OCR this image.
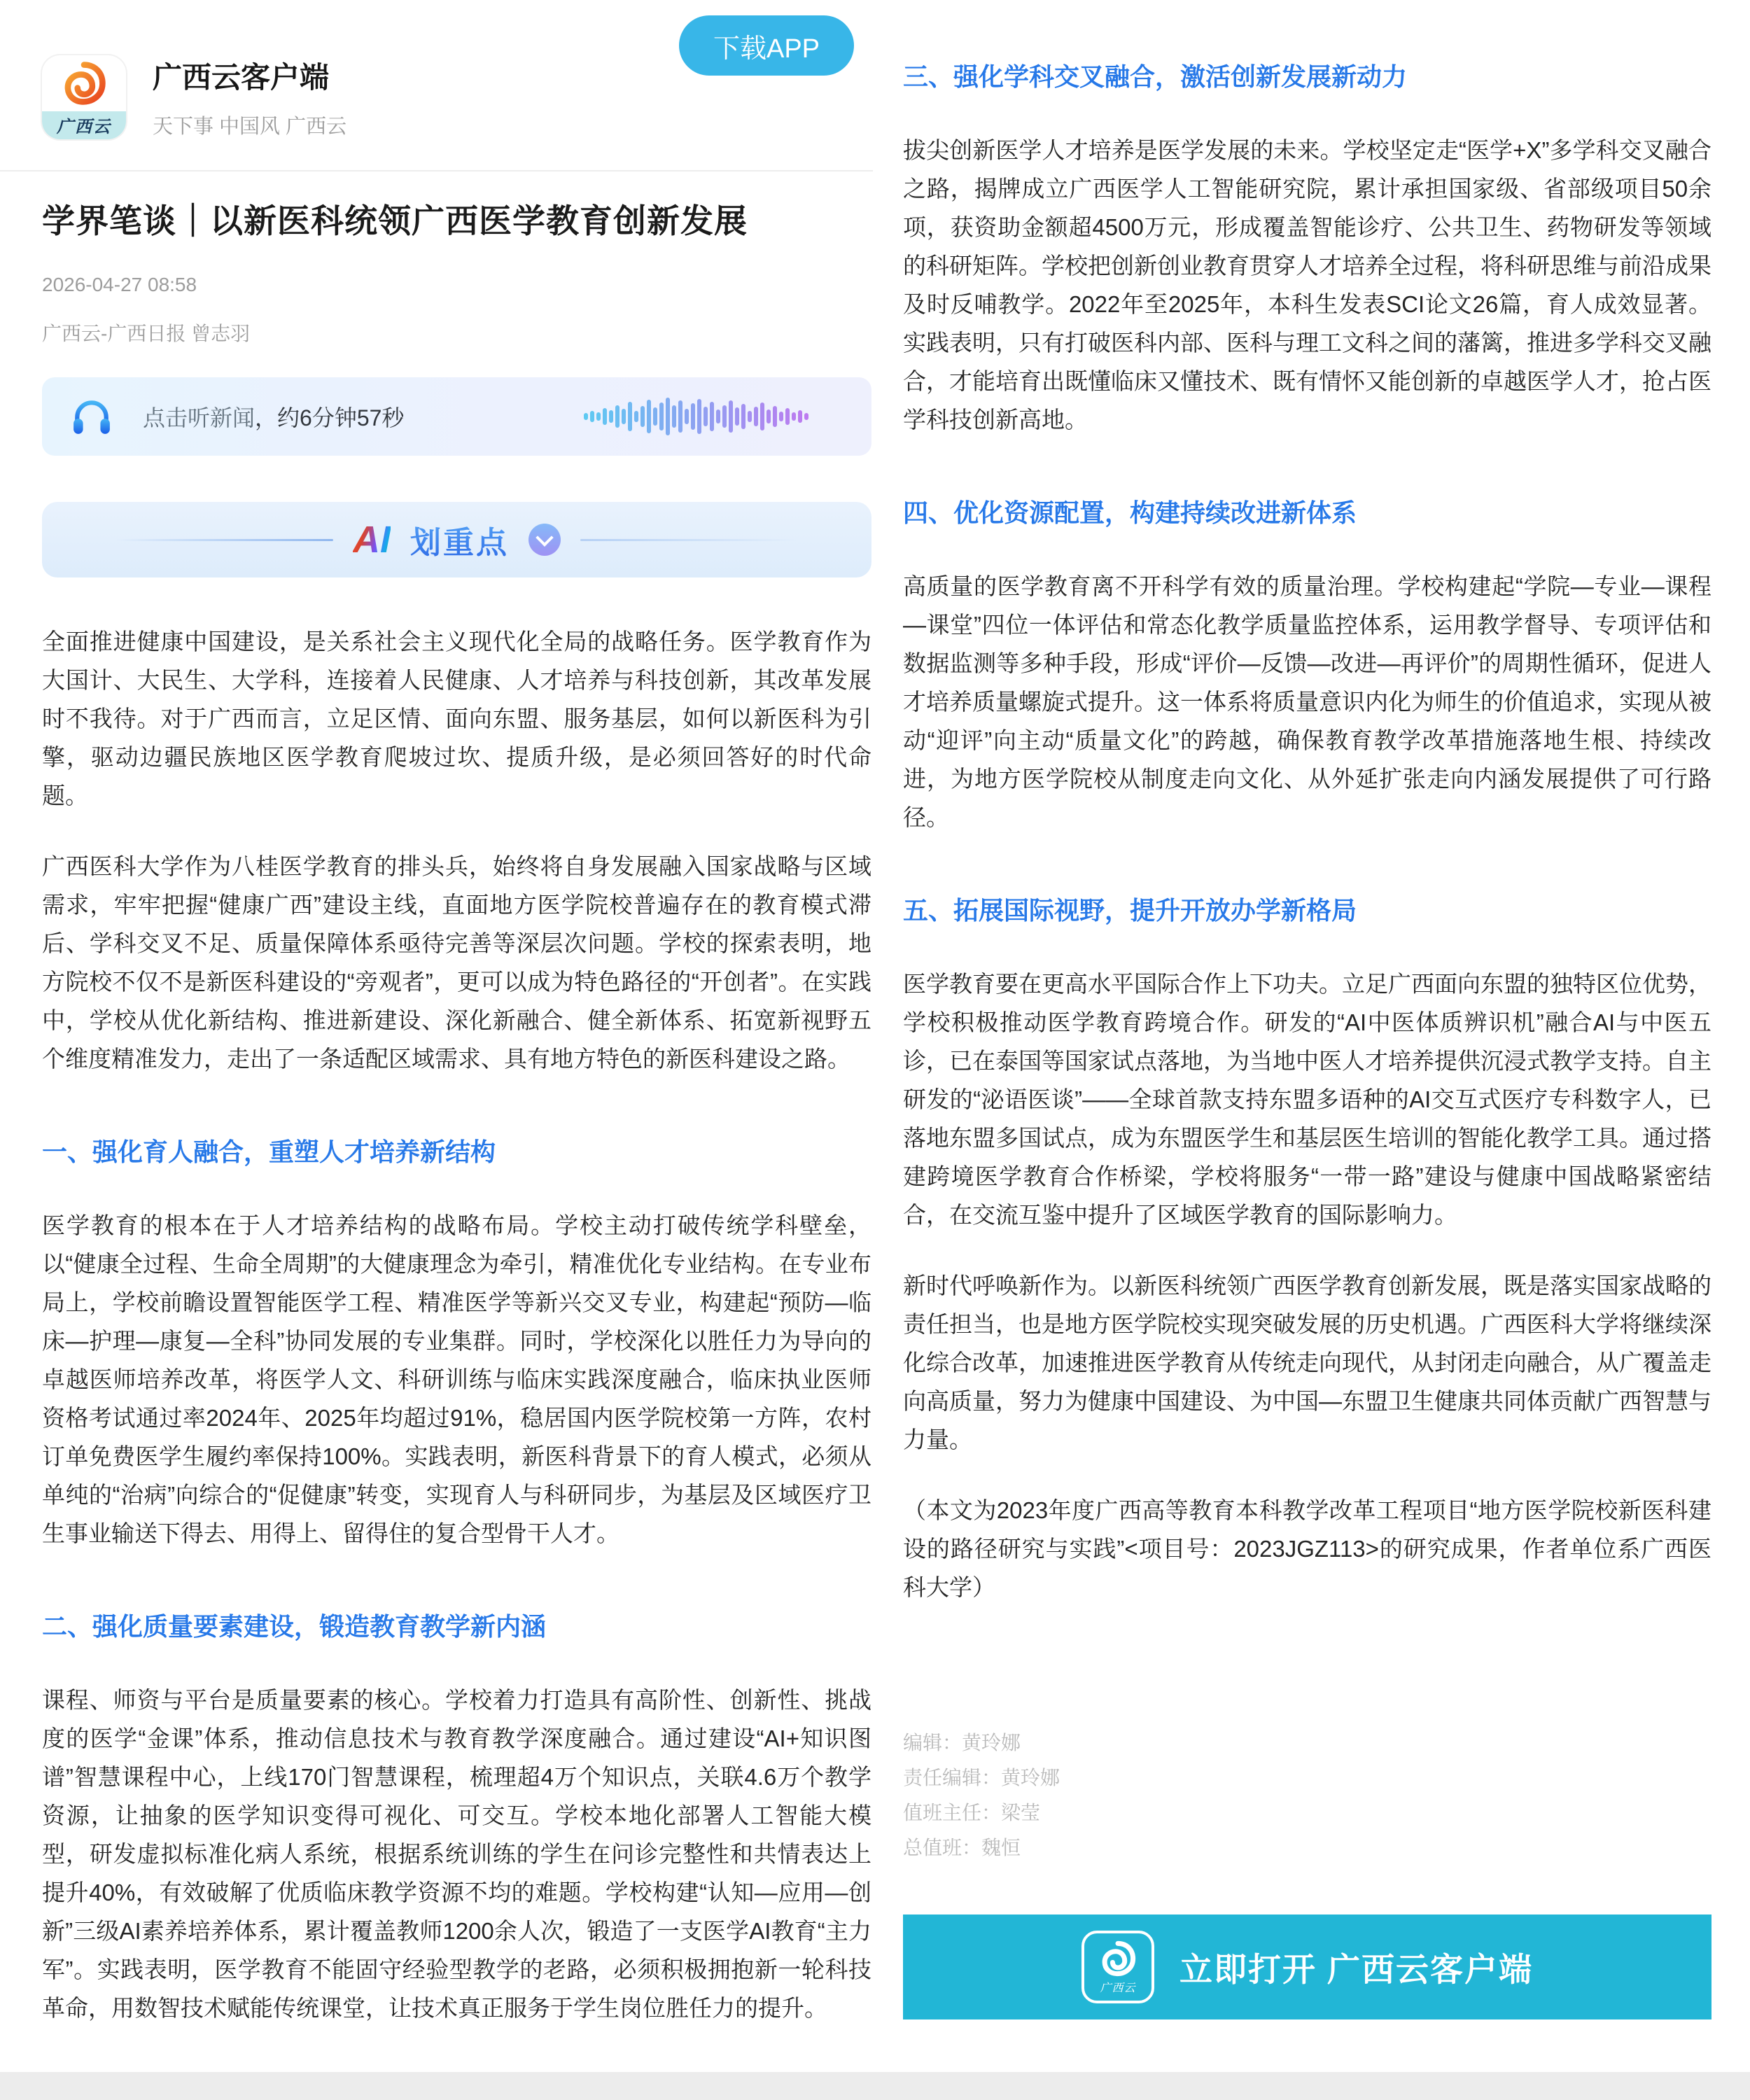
广西云
广西云客户端
天下事 中国风 广西云
下载APP
学界笔谈｜以新医科统领广西医学教育创新发展
2026-04-27 08:58
广西云-广西日报 曾志羽
点击听新闻 ，约6分钟57秒
AI 划重点

全面推进健康中国建设，是关系社会主义现代化全局的战略任务。医学教育作为大国计、大民生、大学科，连接着人民健康、人才培养与科技创新，其改革发展时不我待。对于广西而言，立足区情、面向东盟、服务基层，如何以新医科为引擎，驱动边疆民族地区医学教育爬坡过坎、提质升级，是必须回答好的时代命题。

广西医科大学作为八桂医学教育的排头兵，始终将自身发展融入国家战略与区域需求，牢牢把握“健康广西”建设主线，直面地方医学院校普遍存在的教育模式滞后、学科交叉不足、质量保障体系亟待完善等深层次问题。学校的探索表明，地方院校不仅不是新医科建设的“旁观者”，更可以成为特色路径的“开创者”。在实践中，学校从优化新结构、推进新建设、深化新融合、健全新体系、拓宽新视野五个维度精准发力，走出了一条适配区域需求、具有地方特色的新医科建设之路。

一、强化育人融合，重塑人才培养新结构

医学教育的根本在于人才培养结构的战略布局。学校主动打破传统学科壁垒，以“健康全过程、生命全周期”的大健康理念为牵引，精准优化专业结构。在专业布局上，学校前瞻设置智能医学工程、精准医学等新兴交叉专业，构建起“预防—临床—护理—康复—全科”协同发展的专业集群。同时，学校深化以胜任力为导向的卓越医师培养改革，将医学人文、科研训练与临床实践深度融合，临床执业医师资格考试通过率2024年、2025年均超过91%，稳居国内医学院校第一方阵，农村订单免费医学生履约率保持100%。实践表明，新医科背景下的育人模式，必须从单纯的“治病”向综合的“促健康”转变，实现育人与科研同步，为基层及区域医疗卫生事业输送下得去、用得上、留得住的复合型骨干人才。

二、强化质量要素建设，锻造教育教学新内涵

课程、师资与平台是质量要素的核心。学校着力打造具有高阶性、创新性、挑战度的医学“金课”体系，推动信息技术与教育教学深度融合。通过建设“AI+知识图谱”智慧课程中心，上线170门智慧课程，梳理超4万个知识点，关联4.6万个教学资源，让抽象的医学知识变得可视化、可交互。学校本地化部署人工智能大模型，研发虚拟标准化病人系统，根据系统训练的学生在问诊完整性和共情表达上提升40%，有效破解了优质临床教学资源不均的难题。学校构建“认知—应用—创新”三级AI素养培养体系，累计覆盖教师1200余人次，锻造了一支医学AI教育“主力军”。实践表明，医学教育不能固守经验型教学的老路，必须积极拥抱新一轮科技革命，用数智技术赋能传统课堂，让技术真正服务于学生岗位胜任力的提升。

三、强化学科交叉融合，激活创新发展新动力

拔尖创新医学人才培养是医学发展的未来。学校坚定走“医学+X”多学科交叉融合之路，揭牌成立广西医学人工智能研究院，累计承担国家级、省部级项目50余项，获资助金额超4500万元，形成覆盖智能诊疗、公共卫生、药物研发等领域的科研矩阵。学校把创新创业教育贯穿人才培养全过程，将科研思维与前沿成果及时反哺教学。2022年至2025年，本科生发表SCI论文26篇，育人成效显著。实践表明，只有打破医科内部、医科与理工文科之间的藩篱，推进多学科交叉融合，才能培育出既懂临床又懂技术、既有情怀又能创新的卓越医学人才，抢占医学科技创新高地。

四、优化资源配置，构建持续改进新体系

高质量的医学教育离不开科学有效的质量治理。学校构建起“学院—专业—课程—课堂”四位一体评估和常态化教学质量监控体系，运用教学督导、专项评估和数据监测等多种手段，形成“评价—反馈—改进—再评价”的周期性循环，促进人才培养质量螺旋式提升。这一体系将质量意识内化为师生的价值追求，实现从被动“迎评”向主动“质量文化”的跨越，确保教育教学改革措施落地生根、持续改进，为地方医学院校从制度走向文化、从外延扩张走向内涵发展提供了可行路径。

五、拓展国际视野，提升开放办学新格局

医学教育要在更高水平国际合作上下功夫。立足广西面向东盟的独特区位优势，学校积极推动医学教育跨境合作。研发的“AI中医体质辨识机”融合AI与中医五诊，已在泰国等国家试点落地，为当地中医人才培养提供沉浸式教学支持。自主研发的“泌语医谈”——全球首款支持东盟多语种的AI交互式医疗专科数字人，已落地东盟多国试点，成为东盟医学生和基层医生培训的智能化教学工具。通过搭建跨境医学教育合作桥梁，学校将服务“一带一路”建设与健康中国战略紧密结合，在交流互鉴中提升了区域医学教育的国际影响力。

新时代呼唤新作为。以新医科统领广西医学教育创新发展，既是落实国家战略的责任担当，也是地方医学院校实现突破发展的历史机遇。广西医科大学将继续深化综合改革，加速推进医学教育从传统走向现代，从封闭走向融合，从广覆盖走向高质量，努力为健康中国建设、为中国—东盟卫生健康共同体贡献广西智慧与力量。

（本文为2023年度广西高等教育本科教学改革工程项目“地方医学院校新医科建设的路径研究与实践”<项目号：2023JGZ113>的研究成果，作者单位系广西医科大学）

编辑：黄玲娜
责任编辑：黄玲娜
值班主任：梁莹
总值班：魏恒
广西云
立即打开 广西云客户端
